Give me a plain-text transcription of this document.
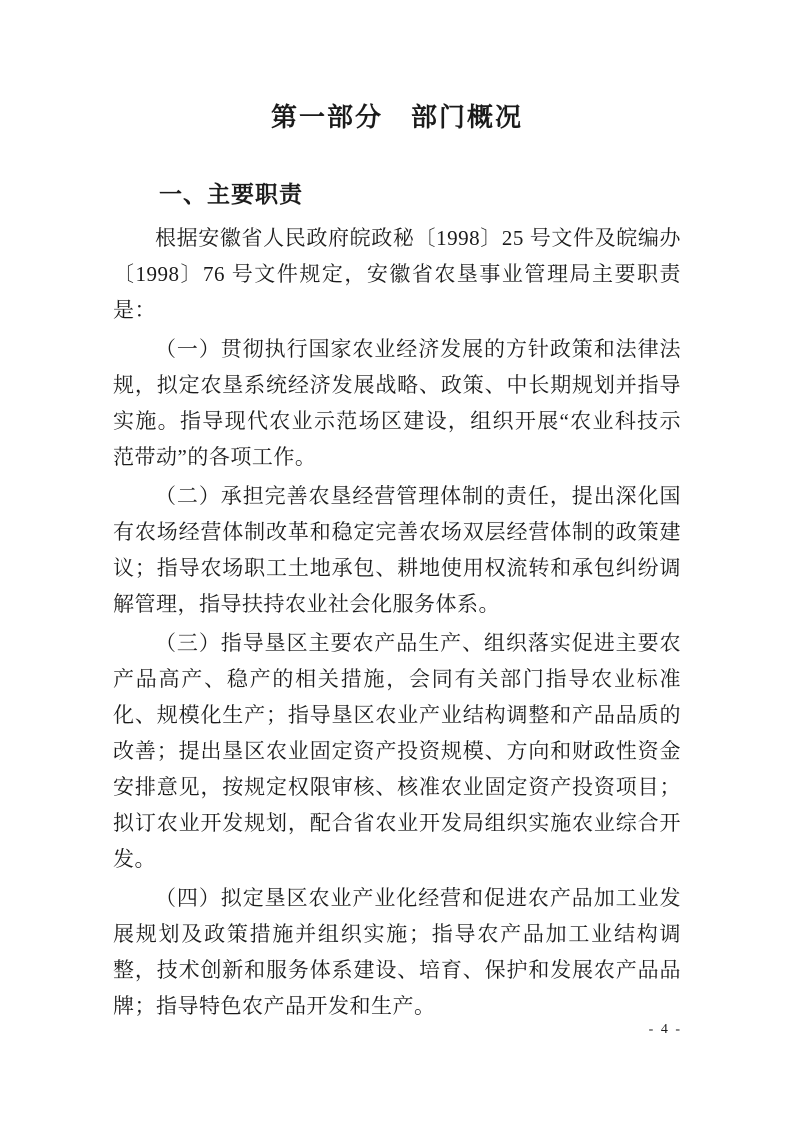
第一部分　部门概况
一、主要职责

根据安徽省人民政府皖政秘〔1998〕25 号文件及皖编办〔1998〕76 号文件规定，安徽省农垦事业管理局主要职责是：

（一）贯彻执行国家农业经济发展的方针政策和法律法规，拟定农垦系统经济发展战略、政策、中长期规划并指导实施。指导现代农业示范场区建设，组织开展“农业科技示范带动”的各项工作。

（二）承担完善农垦经营管理体制的责任，提出深化国有农场经营体制改革和稳定完善农场双层经营体制的政策建议；指导农场职工土地承包、耕地使用权流转和承包纠纷调解管理，指导扶持农业社会化服务体系。

（三）指导垦区主要农产品生产、组织落实促进主要农产品高产、稳产的相关措施，会同有关部门指导农业标准化、规模化生产；指导垦区农业产业结构调整和产品品质的改善；提出垦区农业固定资产投资规模、方向和财政性资金安排意见，按规定权限审核、核准农业固定资产投资项目；拟订农业开发规划，配合省农业开发局组织实施农业综合开发。

（四）拟定垦区农业产业化经营和促进农产品加工业发展规划及政策措施并组织实施；指导农产品加工业结构调整，技术创新和服务体系建设、培育、保护和发展农产品品牌；指导特色农产品开发和生产。

- 4 -
